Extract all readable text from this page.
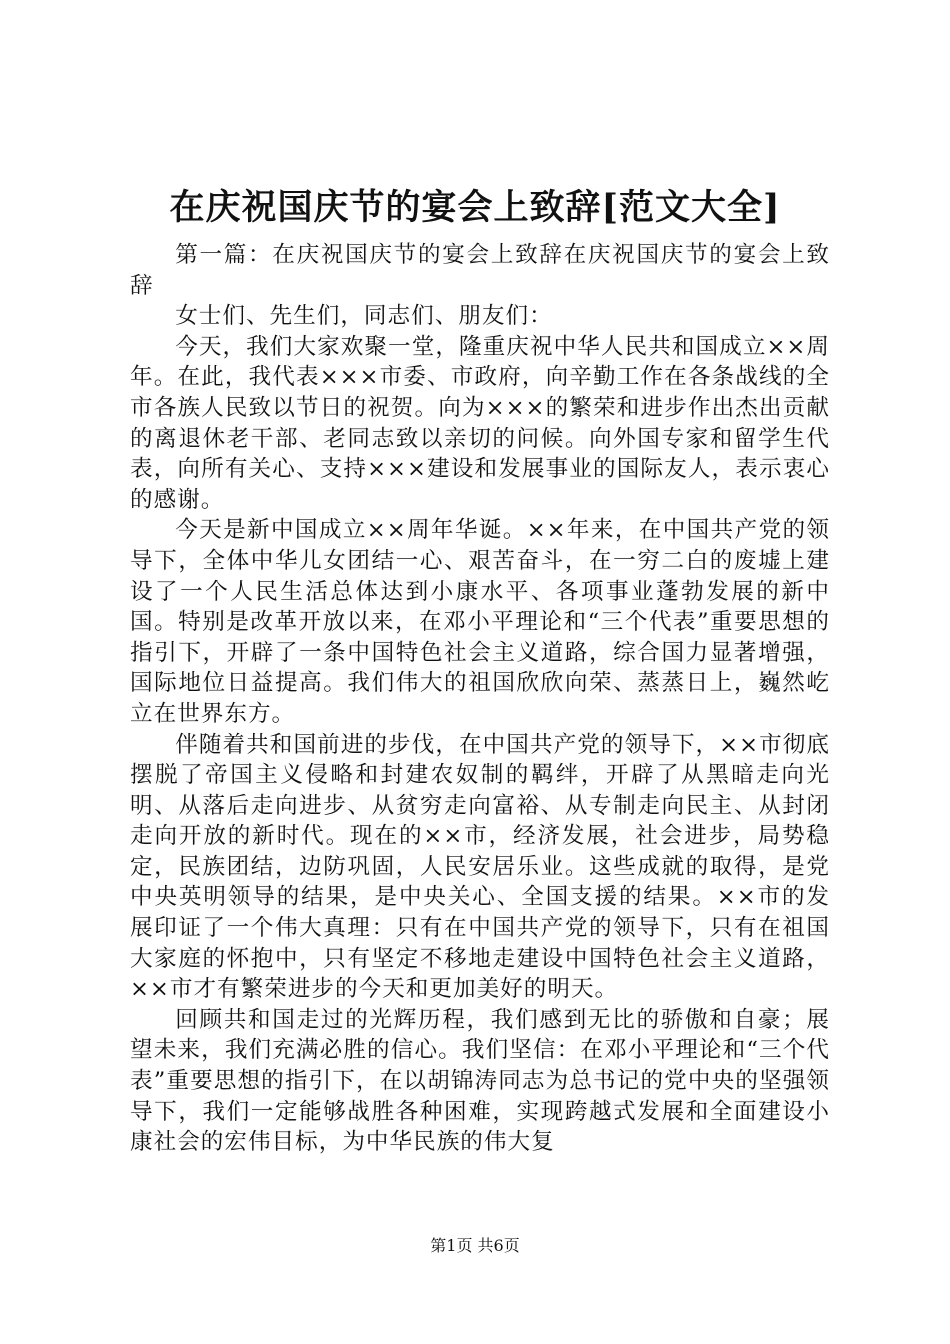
在庆祝国庆节的宴会上致辞[范文大全]

第一篇：在庆祝国庆节的宴会上致辞在庆祝国庆节的宴会上致辞

女士们、先生们，同志们、朋友们：

今天，我们大家欢聚一堂，隆重庆祝中华人民共和国成立××周年。在此，我代表×××市委、市政府，向辛勤工作在各条战线的全市各族人民致以节日的祝贺。向为×××的繁荣和进步作出杰出贡献的离退休老干部、老同志致以亲切的问候。向外国专家和留学生代表，向所有关心、支持×××建设和发展事业的国际友人，表示衷心的感谢。

今天是新中国成立××周年华诞。××年来，在中国共产党的领导下，全体中华儿女团结一心、艰苦奋斗，在一穷二白的废墟上建设了一个人民生活总体达到小康水平、各项事业蓬勃发展的新中国。特别是改革开放以来，在邓小平理论和“三个代表”重要思想的指引下，开辟了一条中国特色社会主义道路，综合国力显著增强，国际地位日益提高。我们伟大的祖国欣欣向荣、蒸蒸日上，巍然屹立在世界东方。

伴随着共和国前进的步伐，在中国共产党的领导下，××市彻底摆脱了帝国主义侵略和封建农奴制的羁绊，开辟了从黑暗走向光明、从落后走向进步、从贫穷走向富裕、从专制走向民主、从封闭走向开放的新时代。现在的××市，经济发展，社会进步，局势稳定，民族团结，边防巩固，人民安居乐业。这些成就的取得，是党中央英明领导的结果，是中央关心、全国支援的结果。××市的发展印证了一个伟大真理：只有在中国共产党的领导下，只有在祖国大家庭的怀抱中，只有坚定不移地走建设中国特色社会主义道路，××市才有繁荣进步的今天和更加美好的明天。

回顾共和国走过的光辉历程，我们感到无比的骄傲和自豪；展望未来，我们充满必胜的信心。我们坚信：在邓小平理论和“三个代表”重要思想的指引下，在以胡锦涛同志为总书记的党中央的坚强领导下，我们一定能够战胜各种困难，实现跨越式发展和全面建设小康社会的宏伟目标，为中华民族的伟大复

第1页 共6页
